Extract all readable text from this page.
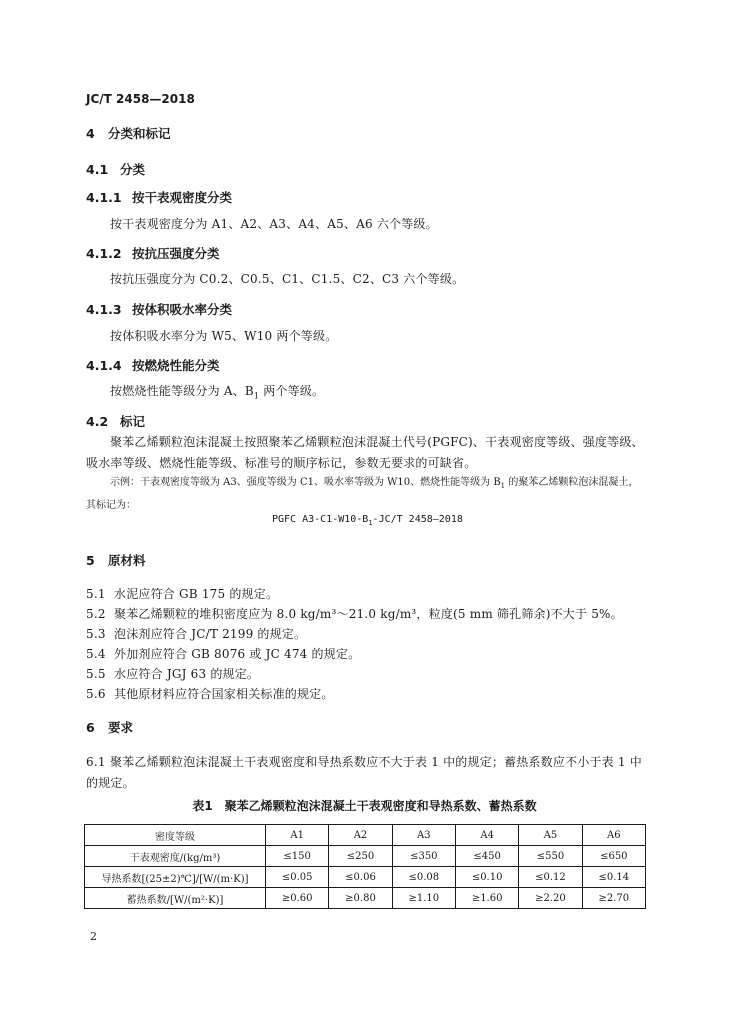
JC/T 2458—2018
4 分类和标记
4.1 分类
4.1.1 按干表观密度分类
按干表观密度分为 A1、A2、A3、A4、A5、A6 六个等级。
4.1.2 按抗压强度分类
按抗压强度分为 C0.2、C0.5、C1、C1.5、C2、C3 六个等级。
4.1.3 按体积吸水率分类
按体积吸水率分为 W5、W10 两个等级。
4.1.4 按燃烧性能分类
按燃烧性能等级分为 A、$B_1$ 两个等级。
4.2 标记
聚苯乙烯颗粒泡沫混凝土按照聚苯乙烯颗粒泡沫混凝土代号(PGFC)、干表观密度等级、强度等级、吸水率等级、燃烧性能等级、标准号的顺序标记，参数无要求的可缺省。
示例：干表观密度等级为 A3、强度等级为 C1、吸水率等级为 W10、燃烧性能等级为 $B_1$ 的聚苯乙烯颗粒泡沫混凝土，其标记为：
PGFC $A3-C1-W10-B_1-JC/T$ 2458—2018
5 原材料
5.1 水泥应符合 GB 175 的规定。
5.2 聚苯乙烯颗粒的堆积密度应为 8.0 kg/m³～21.0 kg/m³，粒度(5 mm 筛孔筛余)不大于 5%。
5.3 泡沫剂应符合 JC/T 2199 的规定。
5.4 外加剂应符合 GB 8076 或 JC 474 的规定。
5.5 水应符合 JGJ 63 的规定。
5.6 其他原材料应符合国家相关标准的规定。
6 要求
6.1 聚苯乙烯颗粒泡沫混凝土干表观密度和导热系数应不大于表 1 中的规定；蓄热系数应不小于表 1 中的规定。
表1　聚苯乙烯颗粒泡沫混凝土干表观密度和导热系数、蓄热系数
密度等级	A1	A2	A3	A4	A5	A6
干表观密度/(kg/m³)	≤150	≤250	≤350	≤450	≤550	≤650
导热系数[(25±2)℃]/[W/(m·K)]	≤0.05	≤0.06	≤0.08	≤0.10	≤0.12	≤0.14
蓄热系数/[W/(m²·K)]	≥0.60	≥0.80	≥1.10	≥1.60	≥2.20	≥2.70
2
